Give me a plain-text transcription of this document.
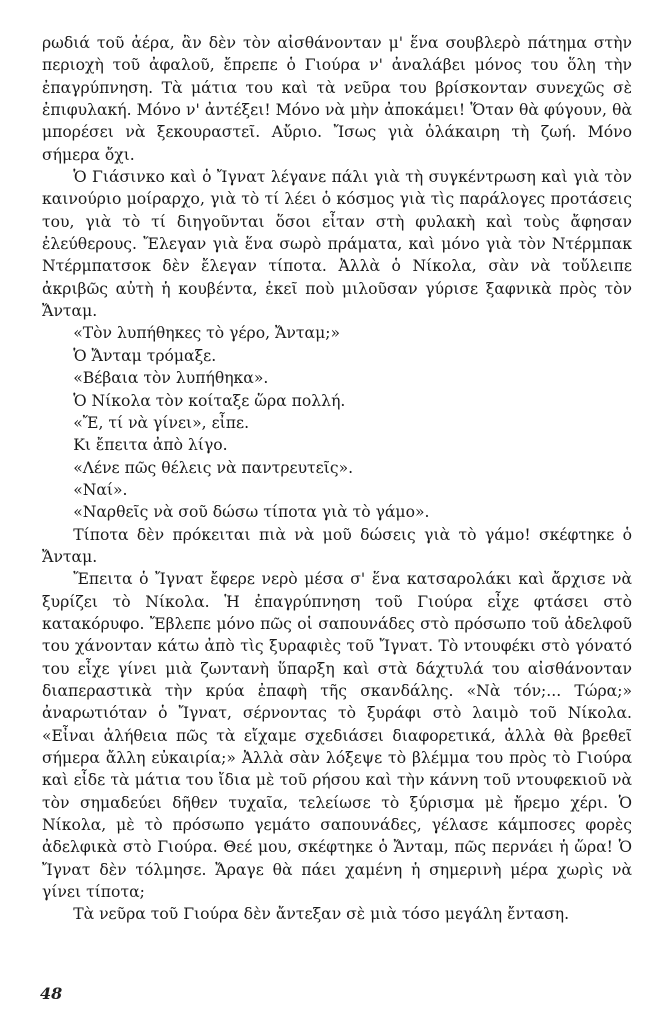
ρωδιά τοῦ ἀέρα, ἂν δὲν τὸν αἰσθάνονταν μ' ἕνα σουβλερὸ πάτημα στὴν περιοχὴ τοῦ ἀφαλοῦ, ἔπρεπε ὁ Γιούρα ν' ἀναλάβει μόνος του ὅλη τὴν ἐπαγρύπνηση. Τὰ μάτια του καὶ τὰ νεῦρα του βρίσκονταν συνεχῶς σὲ ἐπιφυλακή. Μόνο ν' ἀντέξει! Μόνο νὰ μὴν ἀποκάμει! Ὅταν θὰ φύγουν, θὰ μπορέσει νὰ ξεκουραστεῖ. Αὔριο. Ἴσως γιὰ ὁλάκαιρη τὴ ζωή. Μόνο σήμερα ὄχι.

Ὁ Γιάσινκο καὶ ὁ Ἴγνατ λέγανε πάλι γιὰ τὴ συγκέντρωση καὶ γιὰ τὸν καινούριο μοίραρχο, γιὰ τὸ τί λέει ὁ κόσμος γιὰ τὶς παράλογες προτάσεις του, γιὰ τὸ τί διηγοῦνται ὅσοι εἶταν στὴ φυλακὴ καὶ τοὺς ἄφησαν ἐλεύθερους. Ἔλεγαν γιὰ ἕνα σωρὸ πράματα, καὶ μόνο γιὰ τὸν Ντέρμπακ Ντέρμπατσοκ δὲν ἔλεγαν τίποτα. Ἀλλὰ ὁ Νίκολα, σὰν νὰ τοὔλειπε ἀκριβῶς αὐτὴ ἡ κουβέντα, ἐκεῖ ποὺ μιλοῦσαν γύρισε ξαφνικὰ πρὸς τὸν Ἄνταμ.

«Τὸν λυπήθηκες τὸ γέρο, Ἄνταμ;»

Ὁ Ἄνταμ τρόμαξε.

«Βέβαια τὸν λυπήθηκα».

Ὁ Νίκολα τὸν κοίταξε ὥρα πολλή.

«Ἔ, τί νὰ γίνει», εἶπε.

Κι ἔπειτα ἀπὸ λίγο.

«Λένε πῶς θέλεις νὰ παντρευτεῖς».

«Ναί».

«Ναρθεῖς νὰ σοῦ δώσω τίποτα γιὰ τὸ γάμο».

Τίποτα δὲν πρόκειται πιὰ νὰ μοῦ δώσεις γιὰ τὸ γάμο! σκέφτηκε ὁ Ἄνταμ.

Ἔπειτα ὁ Ἴγνατ ἔφερε νερὸ μέσα σ' ἕνα κατσαρολάκι καὶ ἄρχισε νὰ ξυρίζει τὸ Νίκολα. Ἡ ἐπαγρύπνηση τοῦ Γιούρα εἶχε φτάσει στὸ κατακόρυφο. Ἔβλεπε μόνο πῶς οἱ σαπουνάδες στὸ πρόσωπο τοῦ ἀδελφοῦ του χάνονταν κάτω ἀπὸ τὶς ξυραφιὲς τοῦ Ἴγνατ. Τὸ ντουφέκι στὸ γόνατό του εἶχε γίνει μιὰ ζωντανὴ ὕπαρξη καὶ στὰ δάχτυλά του αἰσθάνονταν διαπεραστικὰ τὴν κρύα ἐπαφὴ τῆς σκανδάλης. «Νὰ τόν;... Τώρα;» ἀναρωτιόταν ὁ Ἴγνατ, σέρνοντας τὸ ξυράφι στὸ λαιμὸ τοῦ Νίκολα. «Εἶναι ἀλήθεια πῶς τὰ εἴχαμε σχεδιάσει διαφορετικά, ἀλλὰ θὰ βρεθεῖ σήμερα ἄλλη εὐκαιρία;» Ἀλλὰ σὰν λόξεψε τὸ βλέμμα του πρὸς τὸ Γιούρα καὶ εἶδε τὰ μάτια του ἴδια μὲ τοῦ ρήσου καὶ τὴν κάννη τοῦ ντουφεκιοῦ νὰ τὸν σημαδεύει δῆθεν τυχαῖα, τελείωσε τὸ ξύρισμα μὲ ἤρεμο χέρι. Ὁ Νίκολα, μὲ τὸ πρόσωπο γεμάτο σαπουνάδες, γέλασε κάμποσες φορὲς ἀδελφικὰ στὸ Γιούρα. Θεέ μου, σκέφτηκε ὁ Ἄνταμ, πῶς περνάει ἡ ὥρα! Ὁ Ἴγνατ δὲν τόλμησε. Ἄραγε θὰ πάει χαμένη ἡ σημερινὴ μέρα χωρὶς νὰ γίνει τίποτα;

Τὰ νεῦρα τοῦ Γιούρα δὲν ἄντεξαν σὲ μιὰ τόσο μεγάλη ἔνταση.

48
